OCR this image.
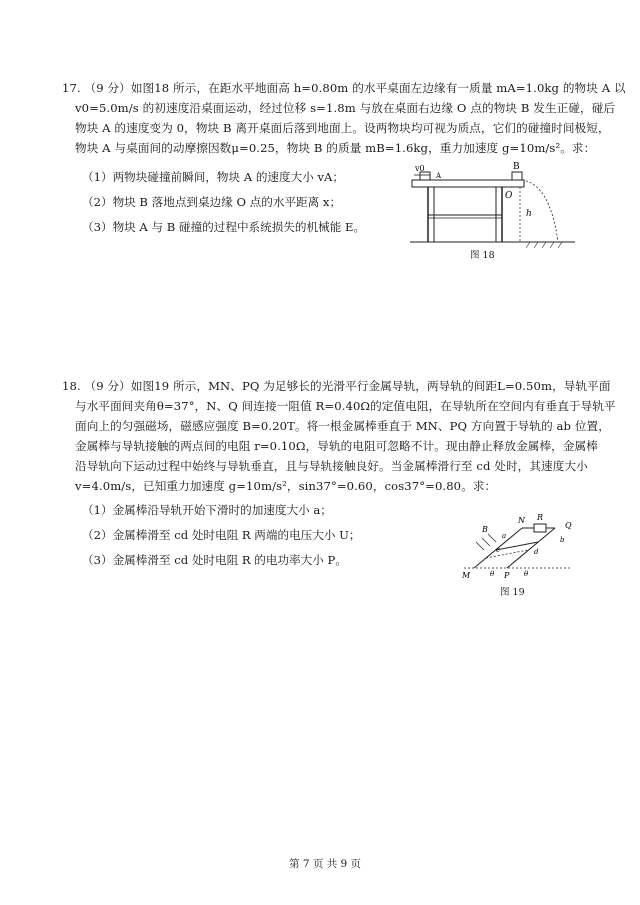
17. （9 分）如图18 所示，在距水平地面高 h=0.80m 的水平桌面左边缘有一质量 mA=1.0kg 的物块 A 以
v0=5.0m/s 的初速度沿桌面运动，经过位移 s=1.8m 与放在桌面右边缘 O 点的物块 B 发生正碰，碰后
物块 A 的速度变为 0，物块 B 离开桌面后落到地面上。设两物块均可视为质点，它们的碰撞时间极短，
物块 A 与桌面间的动摩擦因数μ=0.25，物块 B 的质量 mB=1.6kg，重力加速度 g=10m/s²。求：
（1）两物块碰撞前瞬间，物块 A 的速度大小 vA；
（2）物块 B 落地点到桌边缘 O 点的水平距离 x；
（3）物块 A 与 B 碰撞的过程中系统损失的机械能 E。
v0
A
B
O
h
图 18
18. （9 分）如图19 所示，MN、PQ 为足够长的光滑平行金属导轨，两导轨的间距L=0.50m，导轨平面
与水平面间夹角θ=37°，N、Q 间连接一阻值 R=0.40Ω的定值电阻，在导轨所在空间内有垂直于导轨平
面向上的匀强磁场，磁感应强度 B=0.20T。将一根金属棒垂直于 MN、PQ 方向置于导轨的 ab 位置，
金属棒与导轨接触的两点间的电阻 r=0.10Ω，导轨的电阻可忽略不计。现由静止释放金属棒，金属棒
沿导轨向下运动过程中始终与导轨垂直，且与导轨接触良好。当金属棒滑行至 cd 处时，其速度大小
v=4.0m/s，已知重力加速度 g=10m/s²，sin37°=0.60，cos37°=0.80。求：
（1）金属棒沿导轨开始下滑时的加速度大小 a；
（2）金属棒滑至 cd 处时电阻 R 两端的电压大小 U；
（3）金属棒滑至 cd 处时电阻 R 的电功率大小 P。
N R
Q
a	b
c	d
B
M	θ P θ
图 19
第 7 页 共 9 页
